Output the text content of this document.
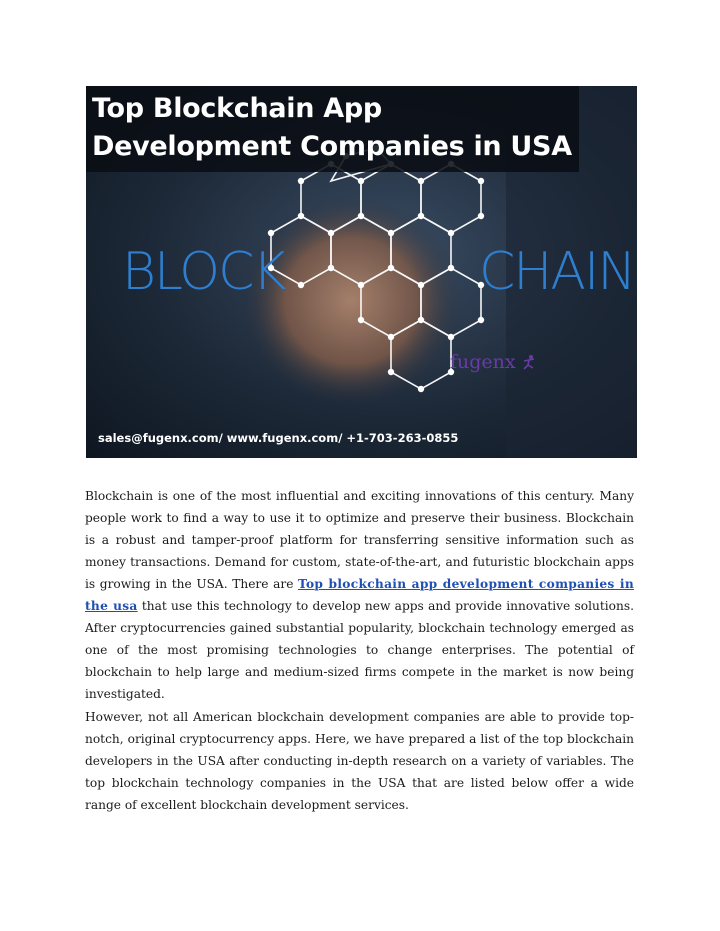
Top Blockchain App
Development Companies in USA
BLOCK	CHAIN
fugenx
sales@fugenx.com/ www.fugenx.com/ +1-703-263-0855

Blockchain is one of the most influential and exciting innovations of this century. Many people work to find a way to use it to optimize and preserve their business. Blockchain is a robust and tamper-proof platform for transferring sensitive information such as money transactions. Demand for custom, state-of-the-art, and futuristic blockchain apps is growing in the USA. There are Top blockchain app development companies in the usa that use this technology to develop new apps and provide innovative solutions. After cryptocurrencies gained substantial popularity, blockchain technology emerged as one of the most promising technologies to change enterprises. The potential of blockchain to help large and medium-sized firms compete in the market is now being investigated.

However, not all American blockchain development companies are able to provide top-notch, original cryptocurrency apps. Here, we have prepared a list of the top blockchain developers in the USA after conducting in-depth research on a variety of variables. The top blockchain technology companies in the USA that are listed below offer a wide range of excellent blockchain development services.
